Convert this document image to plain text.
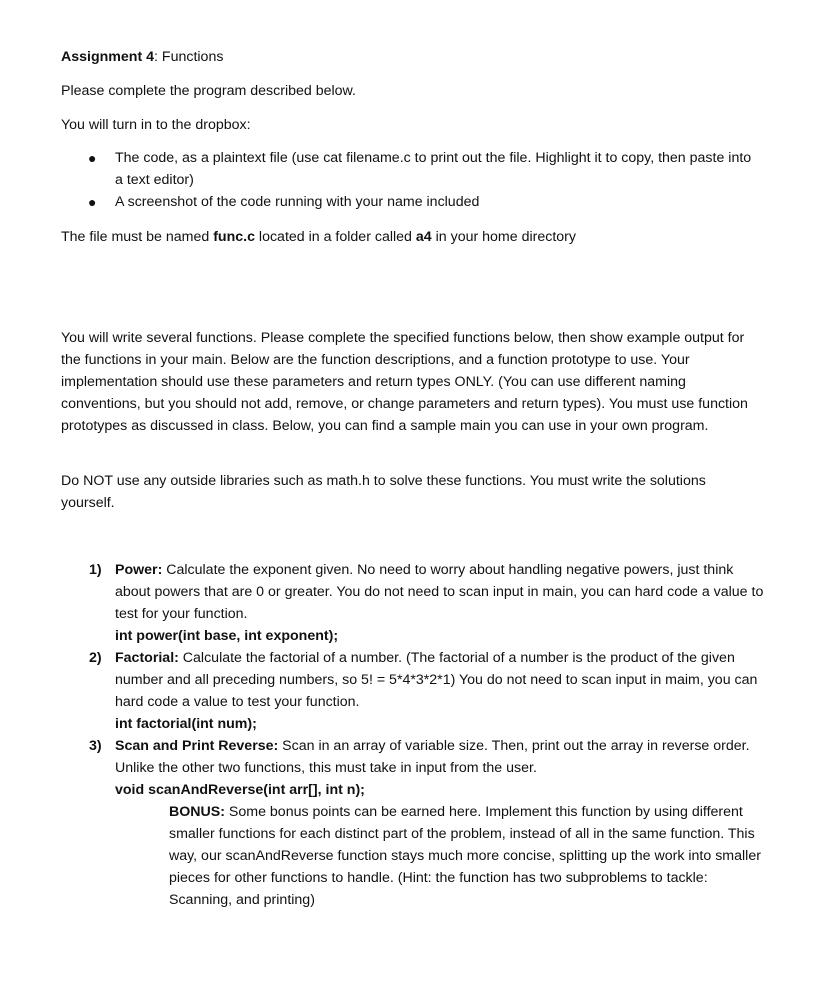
Assignment 4: Functions

Please complete the program described below.

You will turn in to the dropbox:

● The code, as a plaintext file (use cat filename.c to print out the file. Highlight it to copy, then paste into a text editor)
● A screenshot of the code running with your name included

The file must be named func.c located in a folder called a4 in your home directory

You will write several functions. Please complete the specified functions below, then show example output for the functions in your main. Below are the function descriptions, and a function prototype to use. Your implementation should use these parameters and return types ONLY. (You can use different naming conventions, but you should not add, remove, or change parameters and return types). You must use function prototypes as discussed in class. Below, you can find a sample main you can use in your own program.

Do NOT use any outside libraries such as math.h to solve these functions. You must write the solutions yourself.

1) Power: Calculate the exponent given. No need to worry about handling negative powers, just think about powers that are 0 or greater. You do not need to scan input in main, you can hard code a value to test for your function.
int power(int base, int exponent);

2) Factorial: Calculate the factorial of a number. (The factorial of a number is the product of the given number and all preceding numbers, so 5! = 5*4*3*2*1) You do not need to scan input in maim, you can hard code a value to test your function.
int factorial(int num);

3) Scan and Print Reverse: Scan in an array of variable size. Then, print out the array in reverse order. Unlike the other two functions, this must take in input from the user.
void scanAndReverse(int arr[], int n);

BONUS: Some bonus points can be earned here. Implement this function by using different smaller functions for each distinct part of the problem, instead of all in the same function. This way, our scanAndReverse function stays much more concise, splitting up the work into smaller pieces for other functions to handle. (Hint: the function has two subproblems to tackle: Scanning, and printing)
